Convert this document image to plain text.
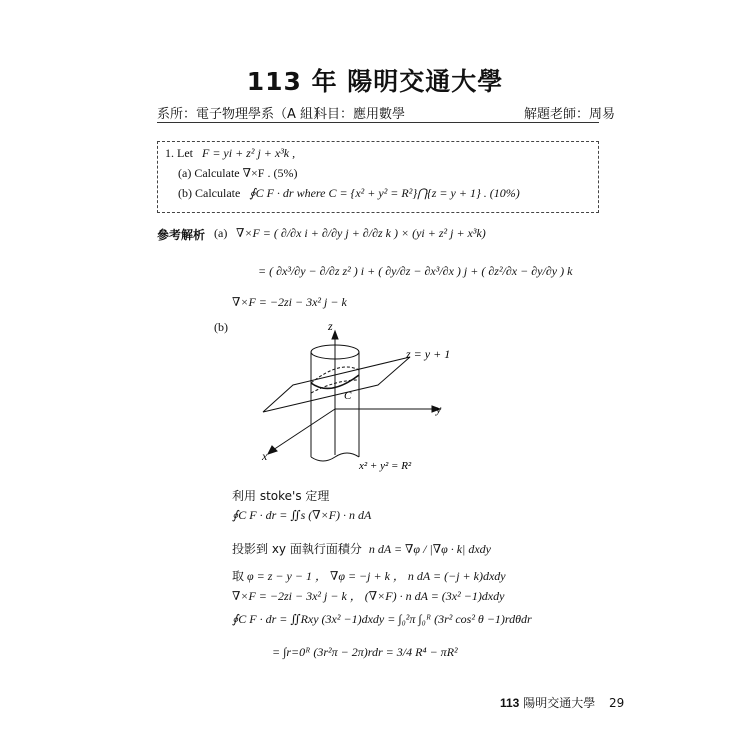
113 年 陽明交通大學
系所：電子物理學系（A 組）
科目：應用數學	解題老師：周易
1. Let F = yi + z² j + x³k ,
(a) Calculate ∇×F . (5%)
(b) Calculate ∮C F · dr where C = {x² + y² = R²}⋂{z = y + 1} . (10%)
參考解析 (a) ∇×F = ( ∂/∂x i + ∂/∂y j + ∂/∂z k ) × (yi + z² j + x³k)
= ( ∂x³/∂y − ∂/∂z z² ) i + ( ∂y/∂z − ∂x³/∂x ) j + ( ∂z²/∂x − ∂y/∂y ) k
∇×F = −2zi − 3x² j − k
(b)	z
y
x
z = y + 1
C
x² + y² = R²
利用 stoke's 定理
∮C F · dr = ∬s (∇×F) · n dA
投影到 xy 面執行面積分 n dA = ∇φ / |∇φ · k| dxdy
取 φ = z − y − 1 ， ∇φ = −j + k ， n dA = (−j + k)dxdy
∇×F = −2zi − 3x² j − k ， (∇×F) · n dA = (3x² −1)dxdy
∮C F · dr = ∬Rxy (3x² −1)dxdy = ∫₀²π ∫₀ᴿ (3r² cos² θ −1)rdθdr
= ∫r=0ᴿ (3r²π − 2π)rdr = 3/4 R⁴ − πR²
113 陽明交通大學 29
